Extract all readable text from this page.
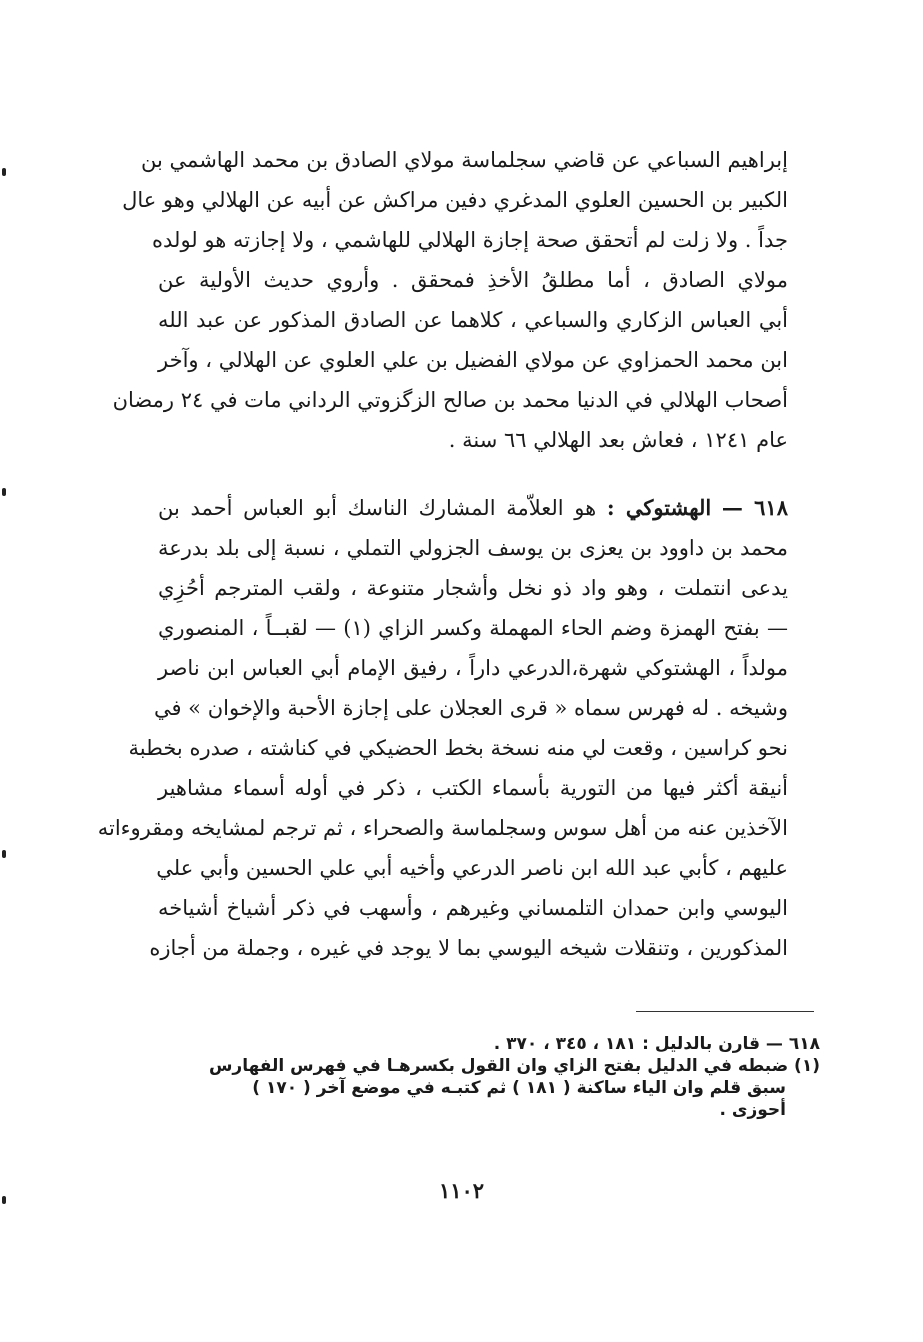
إبراهيم السباعي عن قاضي سجلماسة مولاي الصادق بن محمد الهاشمي بن
الكبير بن الحسين العلوي المدغري دفين مراكش عن أبيه عن الهلالي وهو عال
جداً . ولا زلت لم أتحقق صحة إجازة الهلالي للهاشمي ، ولا إجازته هو لولده
مولاي الصادق ، أما مطلقُ الأخذِ فمحقق . وأروي حديث الأولية عن
أبي العباس الزكاري والسباعي ، كلاهما عن الصادق المذكور عن عبد الله
ابن محمد الحمزاوي عن مولاي الفضيل بن علي العلوي عن الهلالي ، وآخر
أصحاب الهلالي في الدنيا محمد بن صالح الزگزوتي الرداني مات في ٢٤ رمضان
عام ١٢٤١ ، فعاش بعد الهلالي ٦٦ سنة .
٦١٨ — الهشتوكي : هو العلاّمة المشارك الناسك أبو العباس أحمد بن
محمد بن داوود بن يعزى بن يوسف الجزولي التملي ، نسبة إلى بلد بدرعة
يدعى انتملت ، وهو واد ذو نخل وأشجار متنوعة ، ولقب المترجم أحُزِي
— بفتح الهمزة وضم الحاء المهملة وكسر الزاي (١) — لقبــاً ، المنصوري
مولداً ، الهشتوكي شهرة،الدرعي داراً ، رفيق الإمام أبي العباس ابن ناصر
وشيخه . له فهرس سماه « قرى العجلان على إجازة الأحبة والإخوان » في
نحو كراسين ، وقعت لي منه نسخة بخط الحضيكي في كناشته ، صدره بخطبة
أنيقة أكثر فيها من التورية بأسماء الكتب ، ذكر في أوله أسماء مشاهير
الآخذين عنه من أهل سوس وسجلماسة والصحراء ، ثم ترجم لمشايخه ومقروءاته
عليهم ، كأبي عبد الله ابن ناصر الدرعي وأخيه أبي علي الحسين وأبي علي
اليوسي وابن حمدان التلمساني وغيرهم ، وأسهب في ذكر أشياخ أشياخه
المذكورين ، وتنقلات شيخه اليوسي بما لا يوجد في غيره ، وجملة من أجازه
٦١٨ — قارن بالدليل : ١٨١ ، ٣٤٥ ، ٣٧٠ .
(١) ضبطه في الدليل بفتح الزاي وان القول بكسرهـا في فهرس الفهارس
سبق قلم وان الياء ساكنة ( ١٨١ ) ثم كتبـه في موضع آخر ( ١٧٠ )
أحوزى .
١١٠٢
